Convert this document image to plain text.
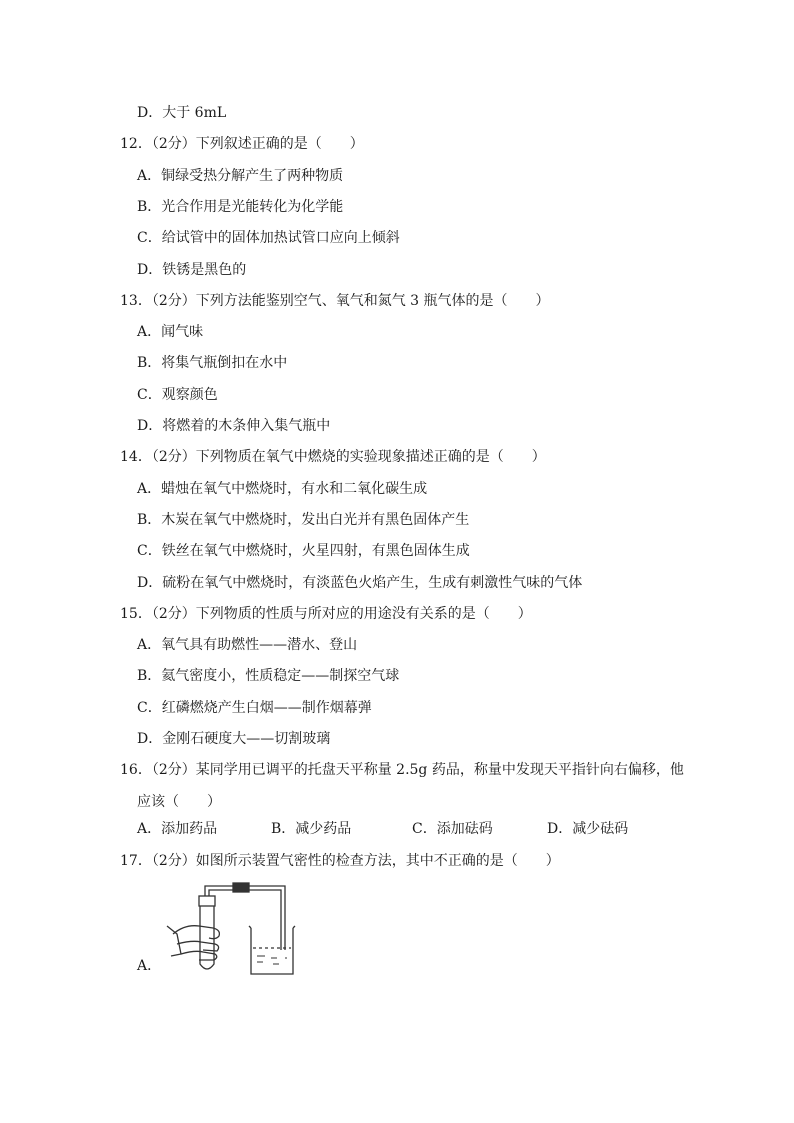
D．大于 6mL
12．（2分）下列叙述正确的是（　　）
A．铜绿受热分解产生了两种物质
B．光合作用是光能转化为化学能
C．给试管中的固体加热试管口应向上倾斜
D．铁锈是黑色的
13．（2分）下列方法能鉴别空气、氧气和氮气 3 瓶气体的是（　　）
A．闻气味
B．将集气瓶倒扣在水中
C．观察颜色
D．将燃着的木条伸入集气瓶中
14．（2分）下列物质在氧气中燃烧的实验现象描述正确的是（　　）
A．蜡烛在氧气中燃烧时，有水和二氧化碳生成
B．木炭在氧气中燃烧时，发出白光并有黑色固体产生
C．铁丝在氧气中燃烧时，火星四射，有黑色固体生成
D．硫粉在氧气中燃烧时，有淡蓝色火焰产生，生成有刺激性气味的气体
15．（2分）下列物质的性质与所对应的用途没有关系的是（　　）
A．氧气具有助燃性——潜水、登山
B．氦气密度小，性质稳定——制探空气球
C．红磷燃烧产生白烟——制作烟幕弹
D．金刚石硬度大——切割玻璃
16．（2分）某同学用已调平的托盘天平称量 2.5g 药品，称量中发现天平指针向右偏移，他
应该（　　）
A．添加药品	B．减少药品	C．添加砝码	D．减少砝码
17．（2分）如图所示装置气密性的检查方法，其中不正确的是（　　）
A．
